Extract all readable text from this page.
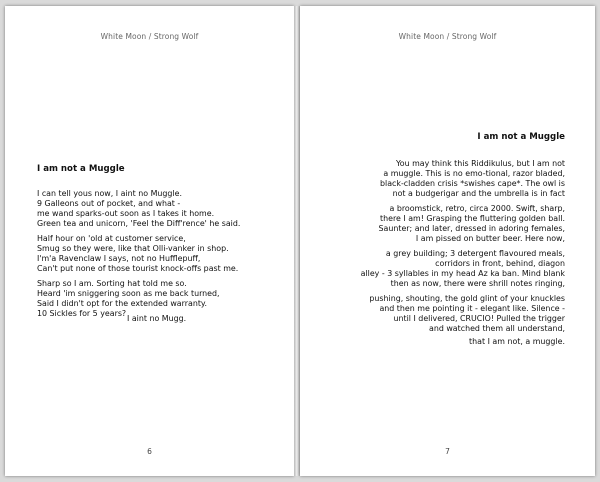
White Moon / Strong Wolf
I am not a Muggle
I can tell yous now, I aint no Muggle.
9 Galleons out of pocket, and what -
me wand sparks-out soon as I takes it home.
Green tea and unicorn, 'Feel the Diff'rence' he said.
Half hour on 'old at customer service,
Smug so they were, like that Olli-vanker in shop.
I'm'a Ravenclaw I says, not no Hufflepuff,
Can't put none of those tourist knock-offs past me.
Sharp so I am. Sorting hat told me so.
Heard 'im sniggering soon as me back turned,
Said I didn't opt for the extended warranty.
10 Sickles for 5 years?
I aint no Mugg.
6
White Moon / Strong Wolf
I am not a Muggle
You may think this Riddikulus, but I am not
a muggle. This is no emo-tional, razor bladed,
black-cladden crisis *swishes cape*. The owl is
not a budgerigar and the umbrella is in fact
a broomstick, retro, circa 2000. Swift, sharp,
there I am! Grasping the fluttering golden ball.
Saunter; and later, dressed in adoring females,
I am pissed on butter beer. Here now,
a grey building; 3 detergent flavoured meals,
corridors in front, behind, diagon
alley - 3 syllables in my head Az ka ban. Mind blank
then as now, there were shrill notes ringing,
pushing, shouting, the gold glint of your knuckles
and then me pointing it - elegant like. Silence -
until I delivered, CRUCIO! Pulled the trigger
and watched them all understand,
that I am not, a muggle.
7
